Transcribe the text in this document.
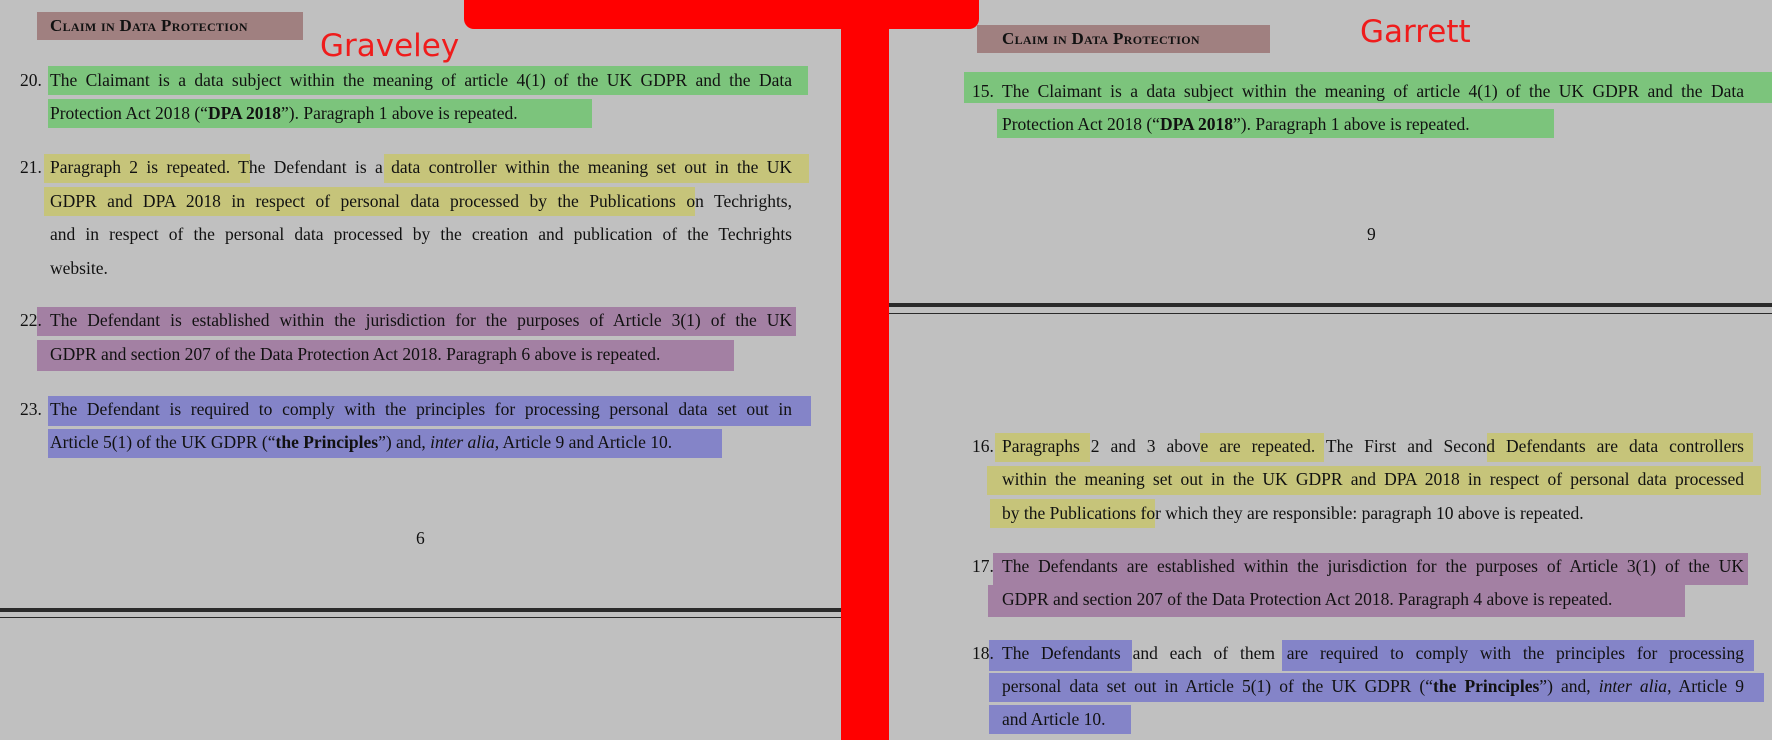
Claim in Data Protection
Graveley
20. The Claimant is a data subject within the meaning of article 4(1) of the UK GDPR and the Data
Protection Act 2018 (“DPA 2018”). Paragraph 1 above is repeated.
21. Paragraph 2 is repeated. The Defendant is a data controller within the meaning set out in the UK
GDPR and DPA 2018 in respect of personal data processed by the Publications on Techrights,
and in respect of the personal data processed by the creation and publication of the Techrights
website.
22. The Defendant is established within the jurisdiction for the purposes of Article 3(1) of the UK
GDPR and section 207 of the Data Protection Act 2018. Paragraph 6 above is repeated.
23. The Defendant is required to comply with the principles for processing personal data set out in
Article 5(1) of the UK GDPR (“the Principles”) and, inter alia, Article 9 and Article 10.
6
Claim in Data Protection	Garrett
15. The Claimant is a data subject within the meaning of article 4(1) of the UK GDPR and the Data
Protection Act 2018 (“DPA 2018”). Paragraph 1 above is repeated.
9
16. Paragraphs 2 and 3 above are repeated. The First and Second Defendants are data controllers
within the meaning set out in the UK GDPR and DPA 2018 in respect of personal data processed
by the Publications for which they are responsible: paragraph 10 above is repeated.
17. The Defendants are established within the jurisdiction for the purposes of Article 3(1) of the UK
GDPR and section 207 of the Data Protection Act 2018. Paragraph 4 above is repeated.
18. The Defendants and each of them are required to comply with the principles for processing
personal data set out in Article 5(1) of the UK GDPR (“the Principles”) and, inter alia, Article 9
and Article 10.
